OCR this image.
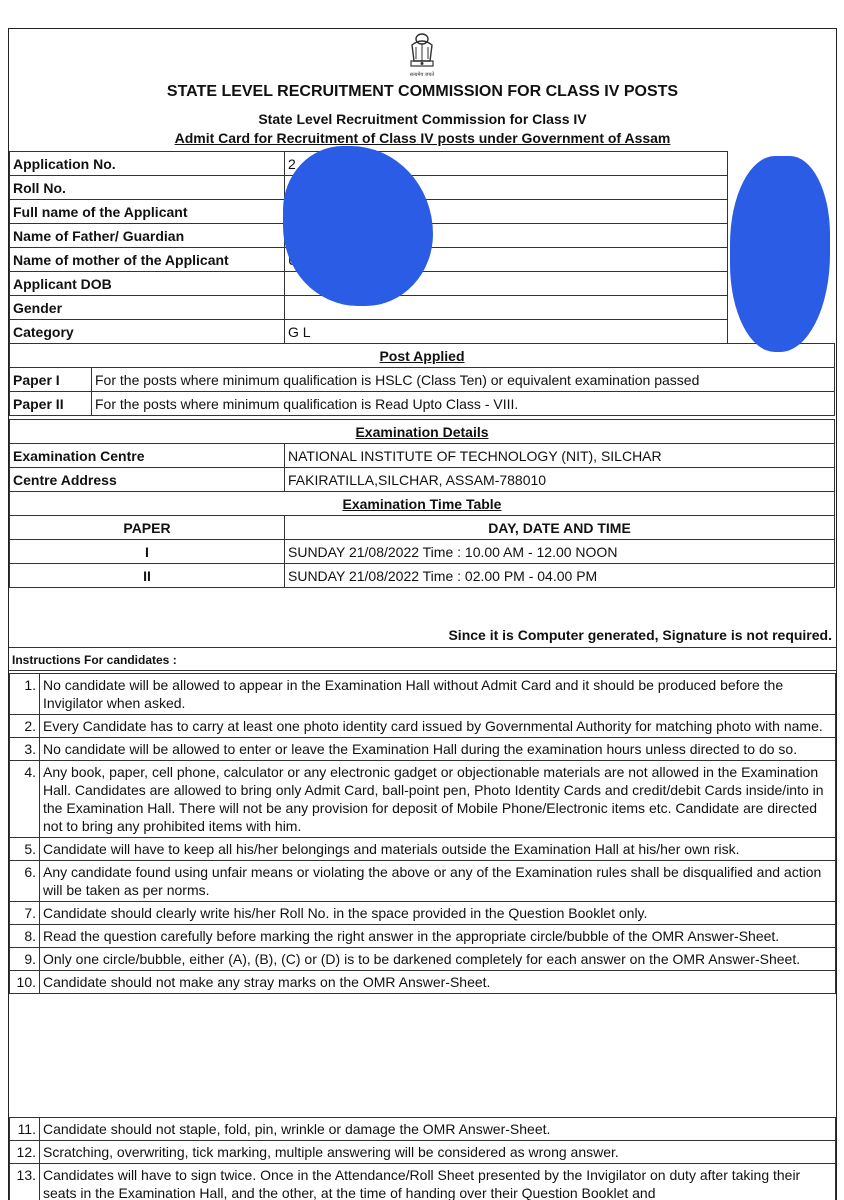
सत्यमेव जयते
STATE LEVEL RECRUITMENT COMMISSION FOR CLASS IV POSTS
State Level Recruitment Commission for Class IV
Admit Card for Recruitment of Class IV posts under Government of Assam
Application No.	2
Roll No.	
Full name of the Applicant	
Name of Father/ Guardian	
Name of mother of the Applicant	
Applicant DOB	
Gender	
Category	G L
Post Applied	
Paper I	For the posts where minimum qualification is HSLC (Class Ten) or equivalent examination passed
Paper II	For the posts where minimum qualification is Read Upto Class - VIII.
Examination Details	
Examination Centre	NATIONAL INSTITUTE OF TECHNOLOGY (NIT), SILCHAR
Centre Address	FAKIRATILLA,SILCHAR, ASSAM-788010
Examination Time Table	
PAPER	DAY, DATE AND TIME
I	SUNDAY 21/08/2022 Time : 10.00 AM - 12.00 NOON
II	SUNDAY 21/08/2022 Time : 02.00 PM - 04.00 PM
Since it is Computer generated, Signature is not required.
Instructions For candidates :
1.	No candidate will be allowed to appear in the Examination Hall without Admit Card and it should be produced before the Invigilator when asked.
2.	Every Candidate has to carry at least one photo identity card issued by Governmental Authority for matching photo with name.
3.	No candidate will be allowed to enter or leave the Examination Hall during the examination hours unless directed to do so.
4.	Any book, paper, cell phone, calculator or any electronic gadget or objectionable materials are not allowed in the Examination Hall. Candidates are allowed to bring only Admit Card, ball-point pen, Photo Identity Cards and credit/debit Cards inside/into in the Examination Hall. There will not be any provision for deposit of Mobile Phone/Electronic items etc. Candidate are directed not to bring any prohibited items with him.
5.	Candidate will have to keep all his/her belongings and materials outside the Examination Hall at his/her own risk.
6.	Any candidate found using unfair means or violating the above or any of the Examination rules shall be disqualified and action will be taken as per norms.
7.	Candidate should clearly write his/her Roll No. in the space provided in the Question Booklet only.
8.	Read the question carefully before marking the right answer in the appropriate circle/bubble of the OMR Answer-Sheet.
9.	Only one circle/bubble, either (A), (B), (C) or (D) is to be darkened completely for each answer on the OMR Answer-Sheet.
10.	Candidate should not make any stray marks on the OMR Answer-Sheet.
11.	Candidate should not staple, fold, pin, wrinkle or damage the OMR Answer-Sheet.
12.	Scratching, overwriting, tick marking, multiple answering will be considered as wrong answer.
13.	Candidates will have to sign twice. Once in the Attendance/Roll Sheet presented by the Invigilator on duty after taking their seats in the Examination Hall, and the other, at the time of handing over their Question Booklet and
